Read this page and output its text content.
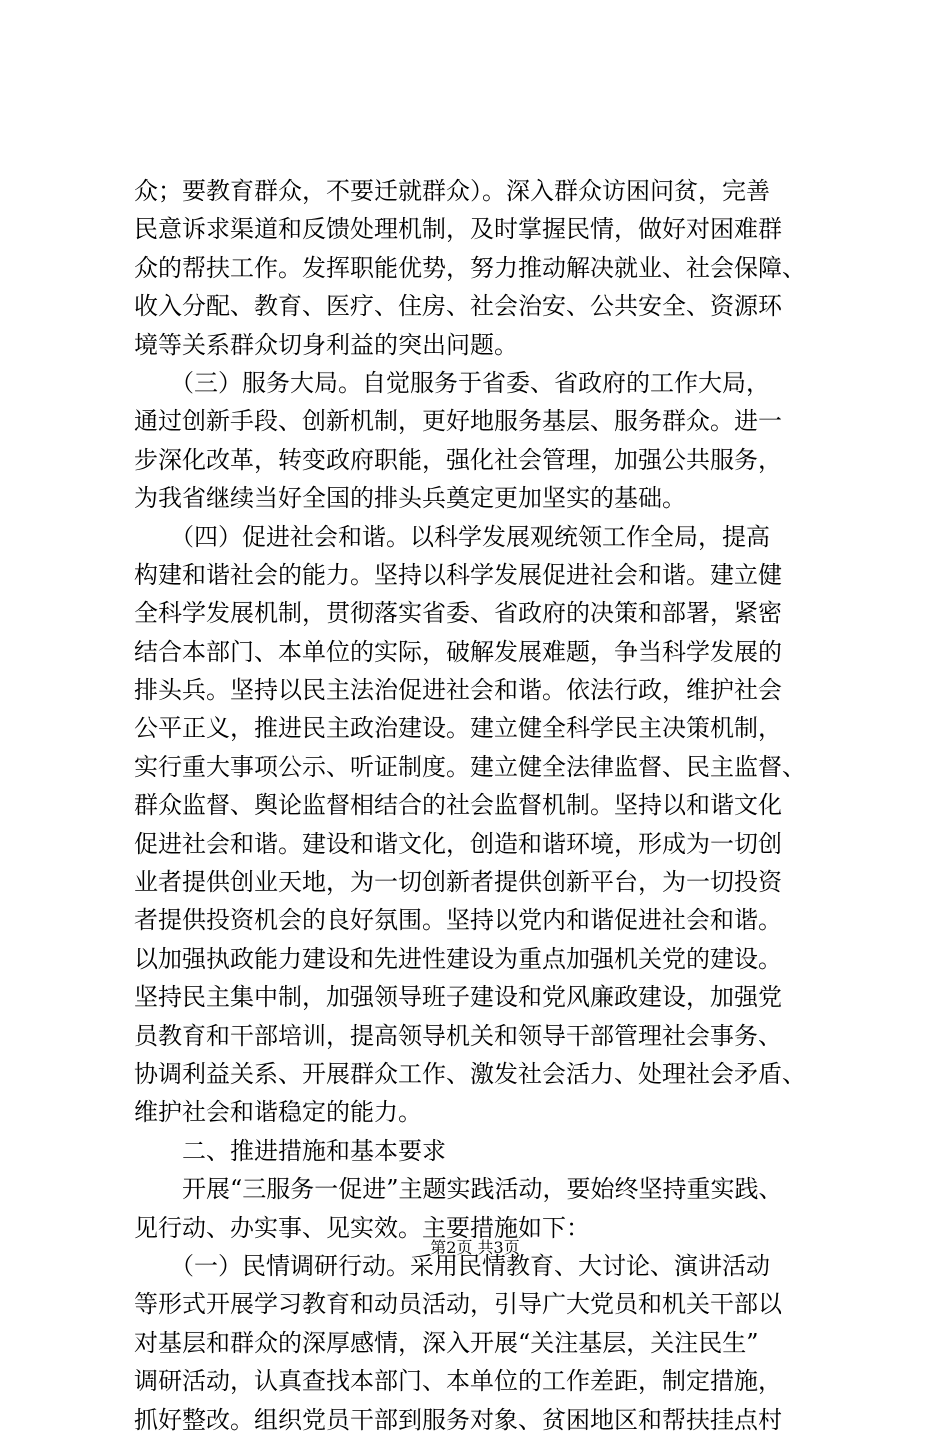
众；要教育群众，不要迁就群众）。深入群众访困问贫，完善
民意诉求渠道和反馈处理机制，及时掌握民情，做好对困难群
众的帮扶工作。发挥职能优势，努力推动解决就业、社会保障、
收入分配、教育、医疗、住房、社会治安、公共安全、资源环
境等关系群众切身利益的突出问题。
　　（三）服务大局。自觉服务于省委、省政府的工作大局，
通过创新手段、创新机制，更好地服务基层、服务群众。进一
步深化改革，转变政府职能，强化社会管理，加强公共服务，
为我省继续当好全国的排头兵奠定更加坚实的基础。
　　（四）促进社会和谐。以科学发展观统领工作全局，提高
构建和谐社会的能力。坚持以科学发展促进社会和谐。建立健
全科学发展机制，贯彻落实省委、省政府的决策和部署，紧密
结合本部门、本单位的实际，破解发展难题，争当科学发展的
排头兵。坚持以民主法治促进社会和谐。依法行政，维护社会
公平正义，推进民主政治建设。建立健全科学民主决策机制，
实行重大事项公示、听证制度。建立健全法律监督、民主监督、
群众监督、舆论监督相结合的社会监督机制。坚持以和谐文化
促进社会和谐。建设和谐文化，创造和谐环境，形成为一切创
业者提供创业天地，为一切创新者提供创新平台，为一切投资
者提供投资机会的良好氛围。坚持以党内和谐促进社会和谐。
以加强执政能力建设和先进性建设为重点加强机关党的建设。
坚持民主集中制，加强领导班子建设和党风廉政建设，加强党
员教育和干部培训，提高领导机关和领导干部管理社会事务、
协调利益关系、开展群众工作、激发社会活力、处理社会矛盾、
维护社会和谐稳定的能力。
　　二、推进措施和基本要求
　　开展“三服务一促进”主题实践活动，要始终坚持重实践、
见行动、办实事、见实效。主要措施如下：
　　（一）民情调研行动。采用民情教育、大讨论、演讲活动
等形式开展学习教育和动员活动，引导广大党员和机关干部以
对基层和群众的深厚感情，深入开展“关注基层，关注民生”
调研活动，认真查找本部门、本单位的工作差距，制定措施，
抓好整改。组织党员干部到服务对象、贫困地区和帮扶挂点村
第2页 共3页
